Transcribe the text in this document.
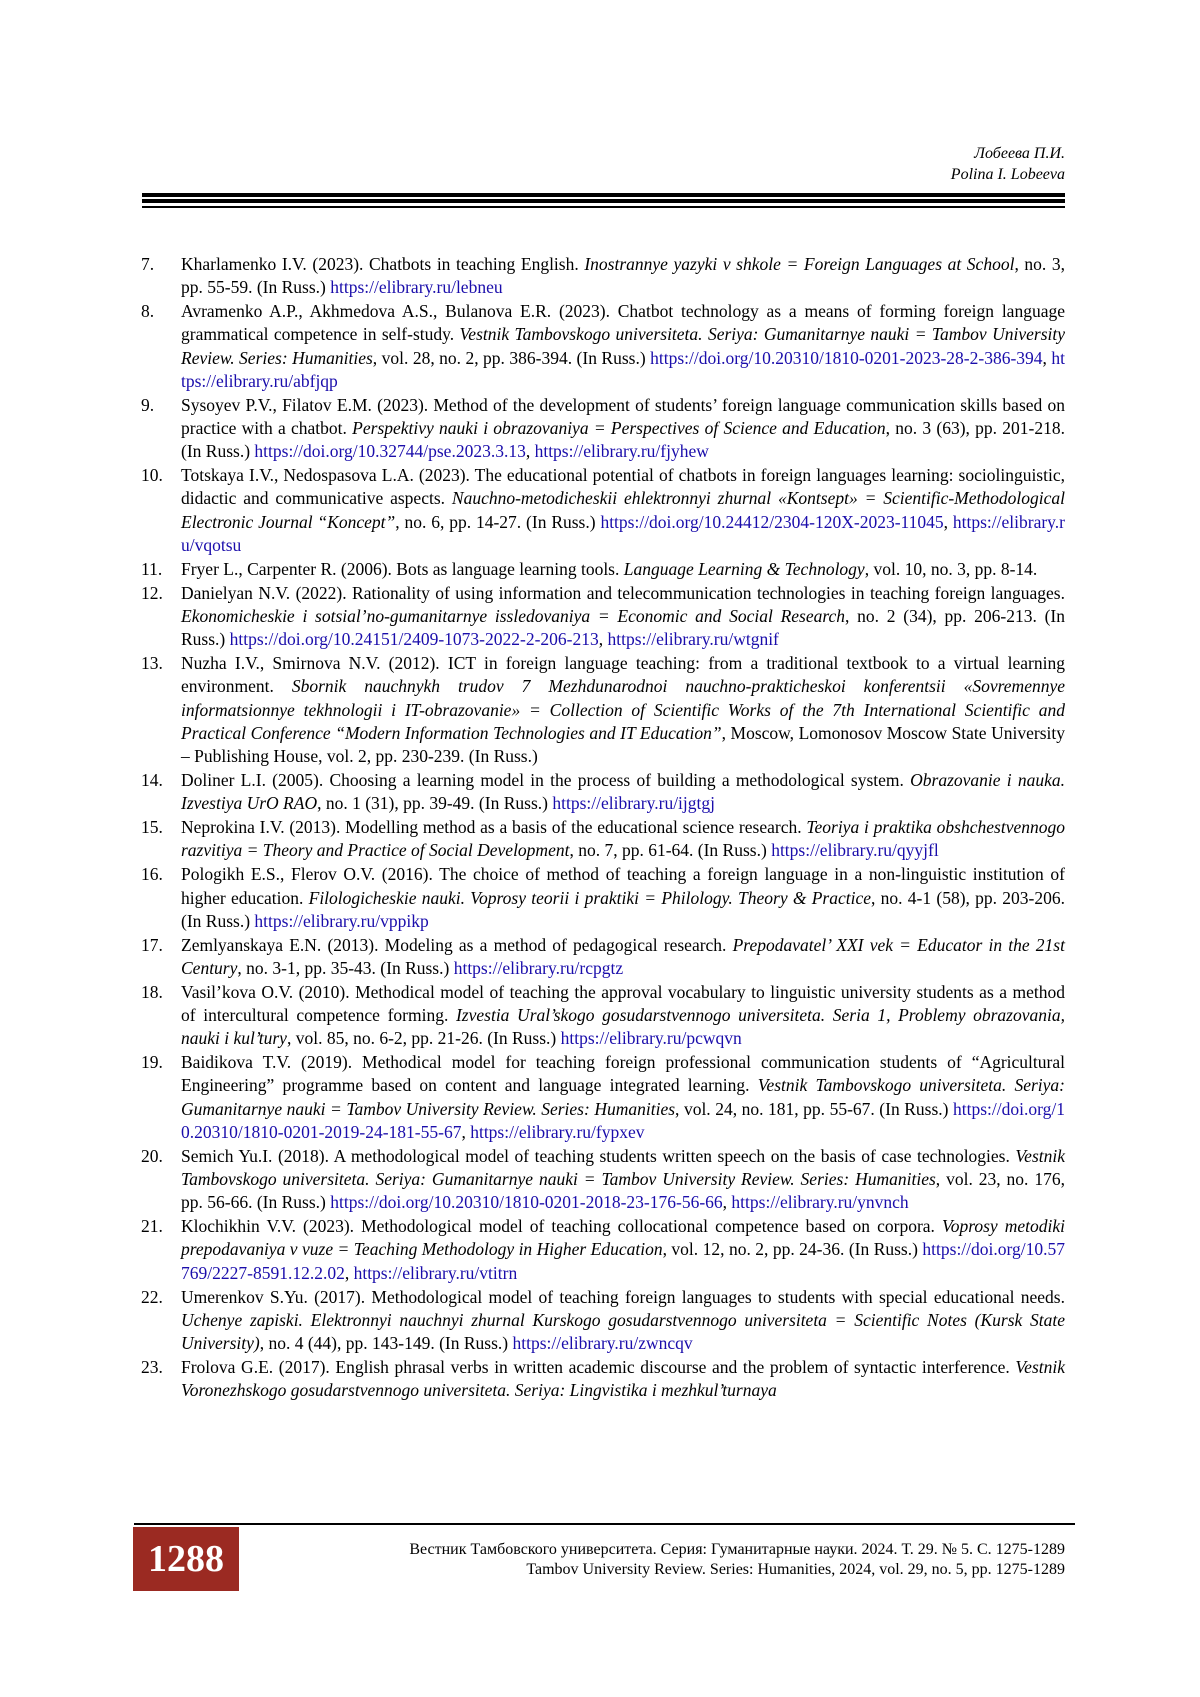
Лобеева П.И.
Polina I. Lobeeva
7. Kharlamenko I.V. (2023). Chatbots in teaching English. Inostrannye yazyki v shkole = Foreign Languages at School, no. 3, pp. 55-59. (In Russ.) https://elibrary.ru/lebneu
8. Avramenko A.P., Akhmedova A.S., Bulanova E.R. (2023). Chatbot technology as a means of forming foreign language grammatical competence in self-study. Vestnik Tambovskogo universiteta. Seriya: Gumanitarnye nauki = Tambov University Review. Series: Humanities, vol. 28, no. 2, pp. 386-394. (In Russ.) https://doi.org/10.20310/1810-0201-2023-28-2-386-394, https://elibrary.ru/abfjqp
9. Sysoyev P.V., Filatov E.M. (2023). Method of the development of students’ foreign language communication skills based on practice with a chatbot. Perspektivy nauki i obrazovaniya = Perspectives of Science and Education, no. 3 (63), pp. 201-218. (In Russ.) https://doi.org/10.32744/pse.2023.3.13, https://elibrary.ru/fjyhew
10. Totskaya I.V., Nedospasova L.A. (2023). The educational potential of chatbots in foreign languages learning: sociolinguistic, didactic and communicative aspects. Nauchno-metodicheskii ehlektronnyi zhurnal «Kontsept» = Scientific-Methodological Electronic Journal “Koncept”, no. 6, pp. 14-27. (In Russ.) https://doi.org/10.24412/2304-120X-2023-11045, https://elibrary.ru/vqotsu
11. Fryer L., Carpenter R. (2006). Bots as language learning tools. Language Learning & Technology, vol. 10, no. 3, pp. 8-14.
12. Danielyan N.V. (2022). Rationality of using information and telecommunication technologies in teaching foreign languages. Ekonomicheskie i sotsial’no-gumanitarnye issledovaniya = Economic and Social Research, no. 2 (34), pp. 206-213. (In Russ.) https://doi.org/10.24151/2409-1073-2022-2-206-213, https://elibrary.ru/wtgnif
13. Nuzha I.V., Smirnova N.V. (2012). ICT in foreign language teaching: from a traditional textbook to a virtual learning environment. Sbornik nauchnykh trudov 7 Mezhdunarodnoi nauchno-prakticheskoi konferentsii «Sovremennye informatsionnye tekhnologii i IT-obrazovanie» = Collection of Scientific Works of the 7th International Scientific and Practical Conference “Modern Information Technologies and IT Education”, Moscow, Lomonosov Moscow State University – Publishing House, vol. 2, pp. 230-239. (In Russ.)
14. Doliner L.I. (2005). Choosing a learning model in the process of building a methodological system. Obrazovanie i nauka. Izvestiya UrO RAO, no. 1 (31), pp. 39-49. (In Russ.) https://elibrary.ru/ijgtgj
15. Neprokina I.V. (2013). Modelling method as a basis of the educational science research. Teoriya i praktika obshchestvennogo razvitiya = Theory and Practice of Social Development, no. 7, pp. 61-64. (In Russ.) https://elibrary.ru/qyyjfl
16. Pologikh E.S., Flerov O.V. (2016). The choice of method of teaching a foreign language in a non-linguistic institution of higher education. Filologicheskie nauki. Voprosy teorii i praktiki = Philology. Theory & Practice, no. 4-1 (58), pp. 203-206. (In Russ.) https://elibrary.ru/vppikp
17. Zemlyanskaya E.N. (2013). Modeling as a method of pedagogical research. Prepodavatel’ XXI vek = Educator in the 21st Century, no. 3-1, pp. 35-43. (In Russ.) https://elibrary.ru/rcpgtz
18. Vasil’kova O.V. (2010). Methodical model of teaching the approval vocabulary to linguistic university students as a method of intercultural competence forming. Izvestia Ural’skogo gosudarstvennogo universiteta. Seria 1, Problemy obrazovania, nauki i kul’tury, vol. 85, no. 6-2, pp. 21-26. (In Russ.) https://elibrary.ru/pcwqvn
19. Baidikova T.V. (2019). Methodical model for teaching foreign professional communication students of “Agricultural Engineering” programme based on content and language integrated learning. Vestnik Tambovskogo universiteta. Seriya: Gumanitarnye nauki = Tambov University Review. Series: Humanities, vol. 24, no. 181, pp. 55-67. (In Russ.) https://doi.org/10.20310/1810-0201-2019-24-181-55-67, https://elibrary.ru/fypxev
20. Semich Yu.I. (2018). A methodological model of teaching students written speech on the basis of case technologies. Vestnik Tambovskogo universiteta. Seriya: Gumanitarnye nauki = Tambov University Review. Series: Humanities, vol. 23, no. 176, pp. 56-66. (In Russ.) https://doi.org/10.20310/1810-0201-2018-23-176-56-66, https://elibrary.ru/ynvnch
21. Klochikhin V.V. (2023). Methodological model of teaching collocational competence based on corpora. Voprosy metodiki prepodavaniya v vuze = Teaching Methodology in Higher Education, vol. 12, no. 2, pp. 24-36. (In Russ.) https://doi.org/10.57769/2227-8591.12.2.02, https://elibrary.ru/vtitrn
22. Umerenkov S.Yu. (2017). Methodological model of teaching foreign languages to students with special educational needs. Uchenye zapiski. Elektronnyi nauchnyi zhurnal Kurskogo gosudarstvennogo universiteta = Scientific Notes (Kursk State University), no. 4 (44), pp. 143-149. (In Russ.) https://elibrary.ru/zwncqv
23. Frolova G.E. (2017). English phrasal verbs in written academic discourse and the problem of syntactic interference. Vestnik Voronezhskogo gosudarstvennogo universiteta. Seriya: Lingvistika i mezhkul’turnaya
1288	Вестник Тамбовского университета. Серия: Гуманитарные науки. 2024. Т. 29. № 5. С. 1275-1289
Tambov University Review. Series: Humanities, 2024, vol. 29, no. 5, pp. 1275-1289
